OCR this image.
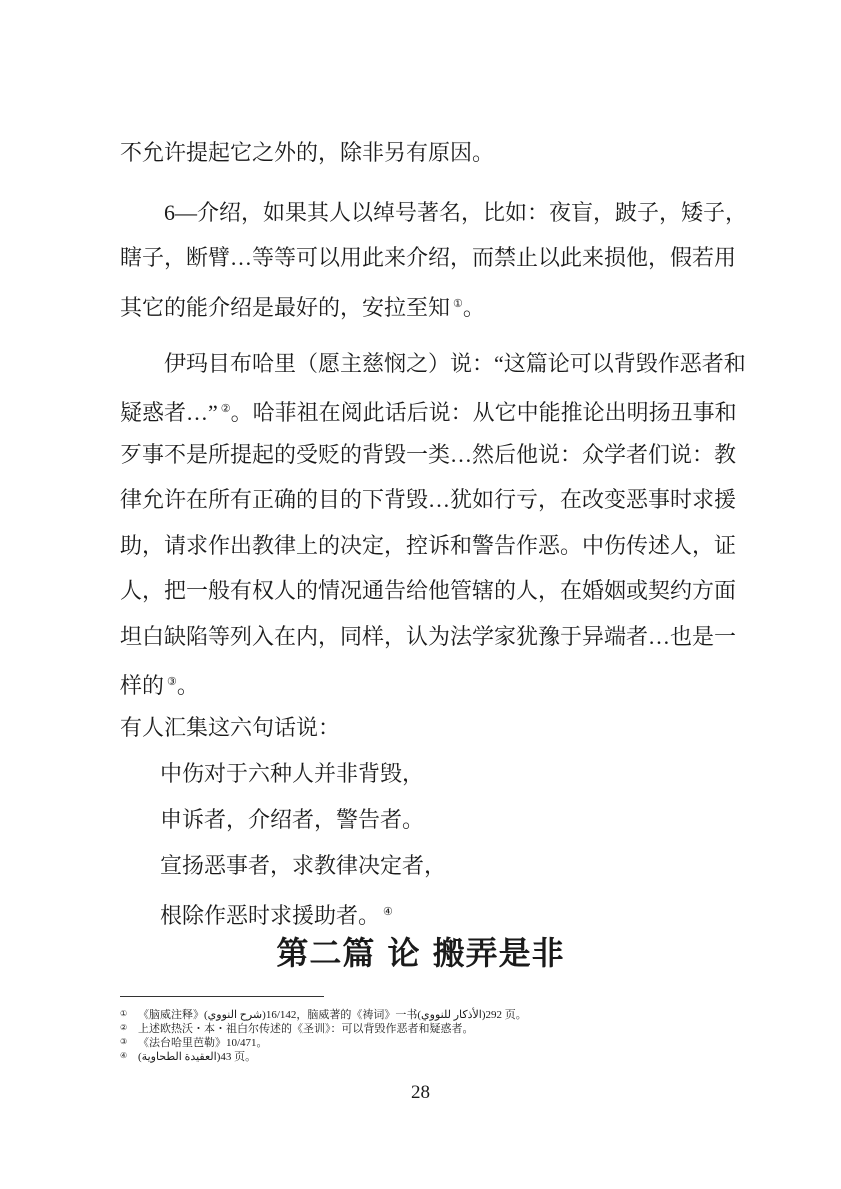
不允许提起它之外的，除非另有原因。
6—介绍，如果其人以绰号著名，比如：夜盲，跛子，矮子，
瞎子，断臂…等等可以用此来介绍，而禁止以此来损他，假若用
其它的能介绍是最好的，安拉至知 ①。
伊玛目布哈里（愿主慈悯之）说：“这篇论可以背毁作恶者和
疑惑者…” ②。哈菲祖在阅此话后说：从它中能推论出明扬丑事和
歹事不是所提起的受贬的背毁一类…然后他说：众学者们说：教
律允许在所有正确的目的下背毁…犹如行亏，在改变恶事时求援
助，请求作出教律上的决定，控诉和警告作恶。中伤传述人，证
人，把一般有权人的情况通告给他管辖的人，在婚姻或契约方面
坦白缺陷等列入在内，同样，认为法学家犹豫于异端者…也是一
样的 ③。
有人汇集这六句话说：
中伤对于六种人并非背毁，
申诉者，介绍者，警告者。
宣扬恶事者，求教律决定者，
根除作恶时求援助者。 ④
第二篇 论 搬弄是非
① 《脑威注释》(شرح النووي)16/142，脑威著的《祷词》一书(الأذكار للنووي)292 页。
② 上述欧热沃・本・祖白尔传述的《圣训》：可以背毁作恶者和疑惑者。
③ 《法台哈里芭勒》10/471。
④ (العقيدة الطحاوية)43 页。
28
